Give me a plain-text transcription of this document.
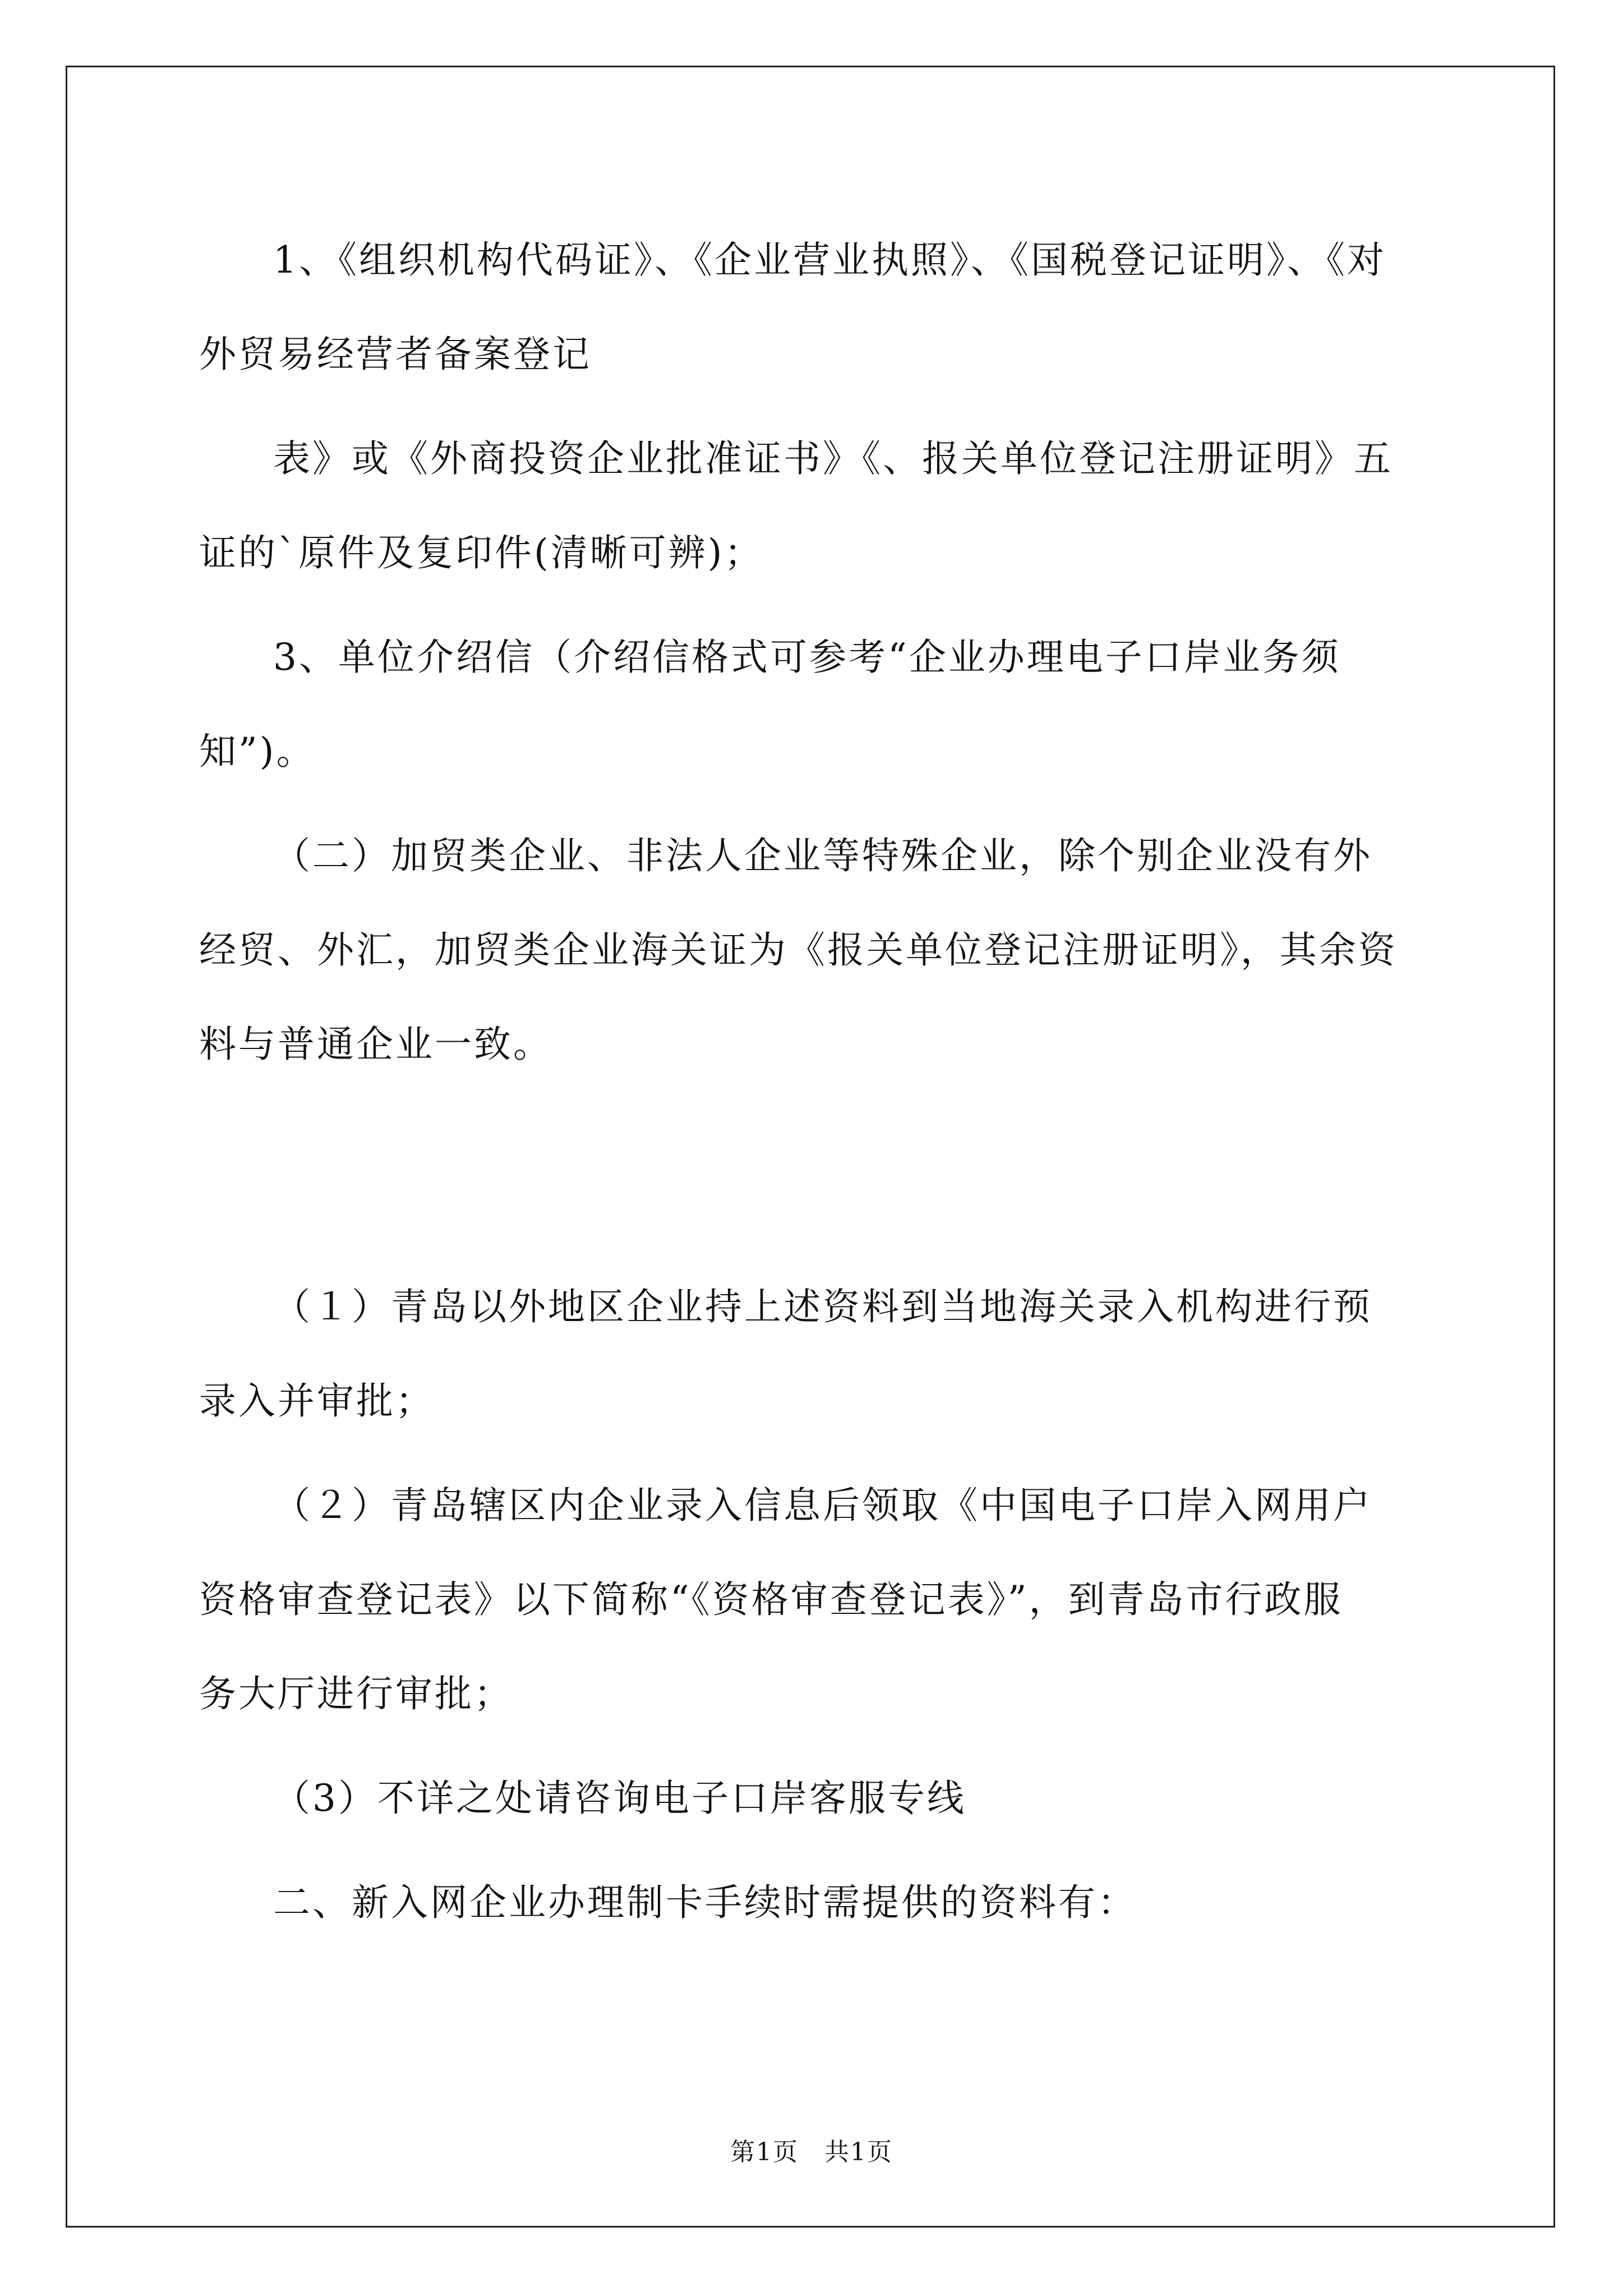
1、《组织机构代码证》、《企业营业执照》、《国税登记证明》、《对
外贸易经营者备案登记

表》或《外商投资企业批准证书》《、报关单位登记注册证明》五
证的`原件及复印件(清晰可辨)；

3、单位介绍信（介绍信格式可参考“企业办理电子口岸业务须
知”)。

（二）加贸类企业、非法人企业等特殊企业，除个别企业没有外
经贸、外汇，加贸类企业海关证为《报关单位登记注册证明》，其余资
料与普通企业一致。

（１）青岛以外地区企业持上述资料到当地海关录入机构进行预
录入并审批；

（２）青岛辖区内企业录入信息后领取《中国电子口岸入网用户
资格审查登记表》以下简称“《资格审查登记表》”，到青岛市行政服
务大厅进行审批；

（3）不详之处请咨询电子口岸客服专线

二、新入网企业办理制卡手续时需提供的资料有：

第1页　共1页
